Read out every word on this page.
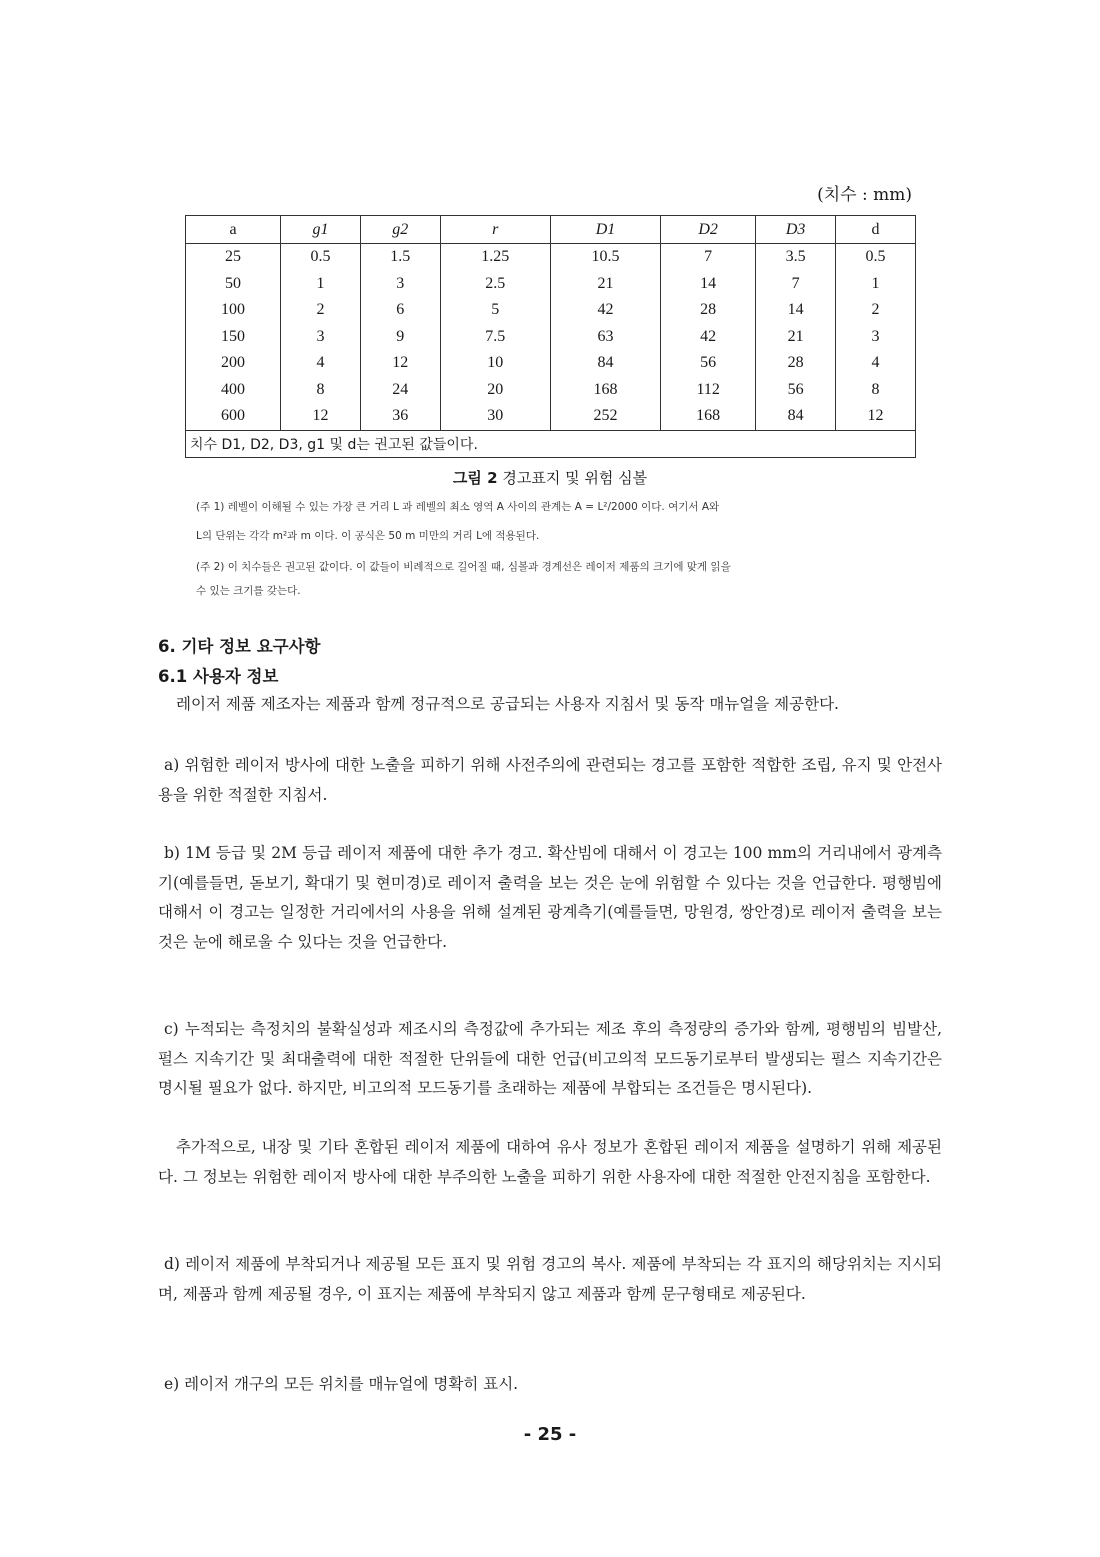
(치수 : mm)
a	g1	g2	r	D1	D2	D3	d
25	0.5	1.5	1.25	10.5	7	3.5	0.5
50	1	3	2.5	21	14	7	1
100	2	6	5	42	28	14	2
150	3	9	7.5	63	42	21	3
200	4	12	10	84	56	28	4
400	8	24	20	168	112	56	8
600	12	36	30	252	168	84	12
치수 D1, D2, D3, g1 및 d는 권고된 값들이다.							
그림 2 경고표지 및 위험 심볼
(주 1) 레벨이 이해될 수 있는 가장 큰 거리 L 과 레벨의 최소 영역 A 사이의 관계는 A = L²/2000 이다. 여기서 A와
L의 단위는 각각 m²과 m 이다. 이 공식은 50 m 미만의 거리 L에 적용된다.
(주 2) 이 치수들은 권고된 값이다. 이 값들이 비례적으로 길어질 때, 심볼과 경계선은 레이저 제품의 크기에 맞게 읽을
수 있는 크기를 갖는다.
6. 기타 정보 요구사항
6.1 사용자 정보
레이저 제품 제조자는 제품과 함께 정규적으로 공급되는 사용자 지침서 및 동작 매뉴얼을 제공한다.
a) 위험한 레이저 방사에 대한 노출을 피하기 위해 사전주의에 관련되는 경고를 포함한 적합한 조립, 유지 및 안전사용을 위한 적절한 지침서.
b) 1M 등급 및 2M 등급 레이저 제품에 대한 추가 경고. 확산빔에 대해서 이 경고는 100 mm의 거리내에서 광계측기(예를들면, 돋보기, 확대기 및 현미경)로 레이저 출력을 보는 것은 눈에 위험할 수 있다는 것을 언급한다. 평행빔에 대해서 이 경고는 일정한 거리에서의 사용을 위해 설계된 광계측기(예를들면, 망원경, 쌍안경)로 레이저 출력을 보는 것은 눈에 해로울 수 있다는 것을 언급한다.
c) 누적되는 측정치의 불확실성과 제조시의 측정값에 추가되는 제조 후의 측정량의 증가와 함께, 평행빔의 빔발산, 펄스 지속기간 및 최대출력에 대한 적절한 단위들에 대한 언급(비고의적 모드동기로부터 발생되는 펄스 지속기간은 명시될 필요가 없다. 하지만, 비고의적 모드동기를 초래하는 제품에 부합되는 조건들은 명시된다).
추가적으로, 내장 및 기타 혼합된 레이저 제품에 대하여 유사 정보가 혼합된 레이저 제품을 설명하기 위해 제공된다. 그 정보는 위험한 레이저 방사에 대한 부주의한 노출을 피하기 위한 사용자에 대한 적절한 안전지침을 포함한다.
d) 레이저 제품에 부착되거나 제공될 모든 표지 및 위험 경고의 복사. 제품에 부착되는 각 표지의 해당위치는 지시되며, 제품과 함께 제공될 경우, 이 표지는 제품에 부착되지 않고 제품과 함께 문구형태로 제공된다.
e) 레이저 개구의 모든 위치를 매뉴얼에 명확히 표시.
- 25 -
